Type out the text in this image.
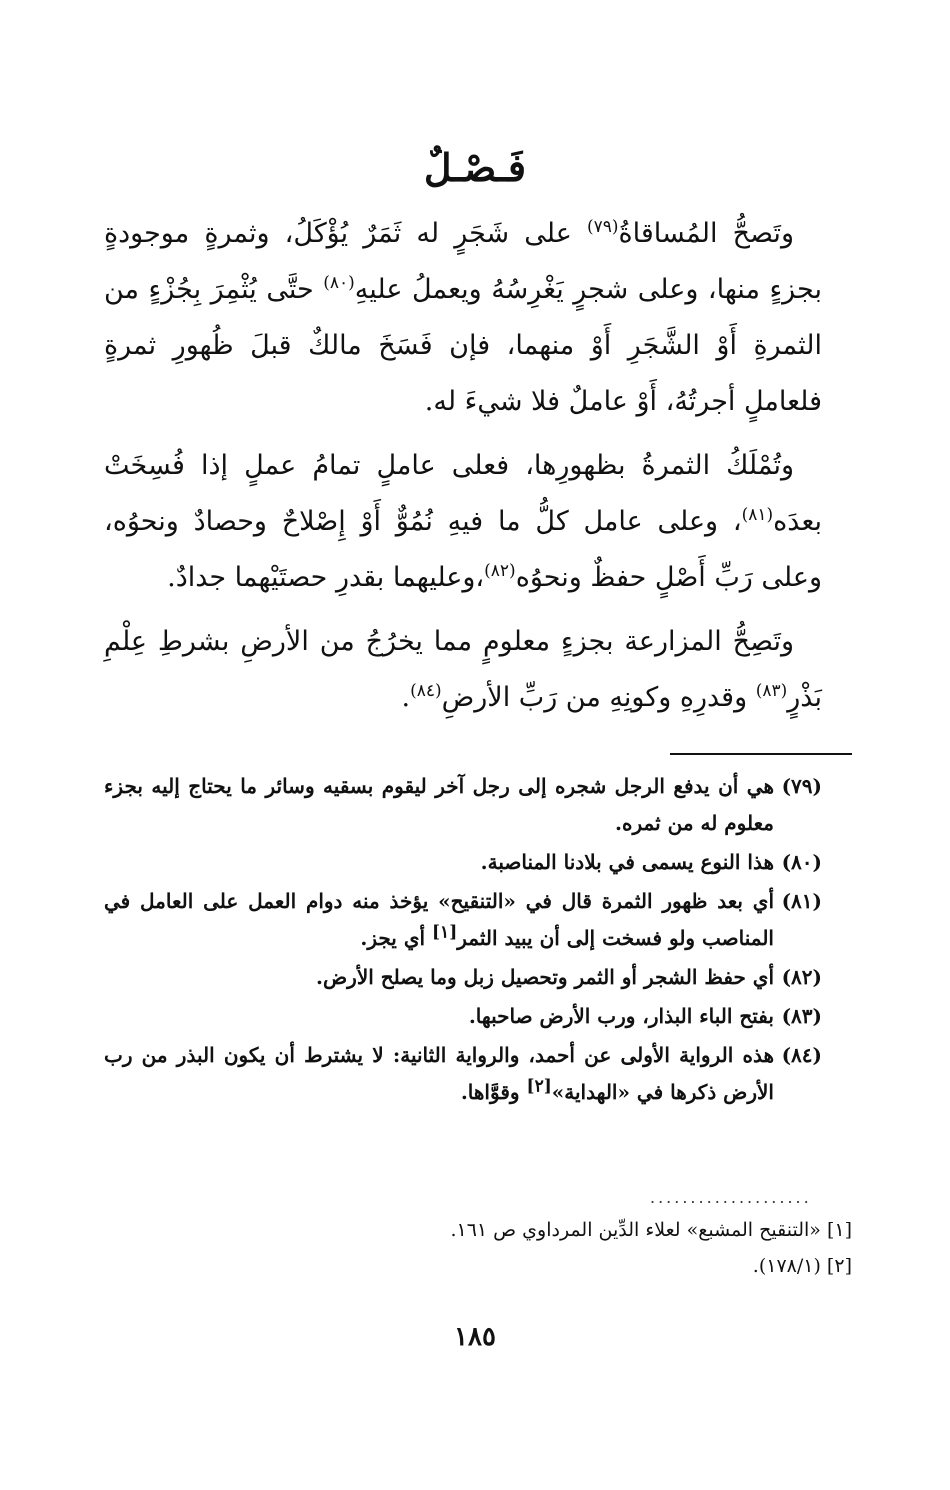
فَـصْـلٌ

وتَصحُّ المُساقاةُ$^{(٧٩)}$ على شَجَرٍ له ثَمَرٌ يُؤْكَلُ، وثمرةٍ موجودةٍ بجزءٍ منها، وعلى شجرٍ يَغْرِسُهُ ويعملُ عليهِ$^{(٨٠)}$ حتَّى يُثْمِرَ بِجُزْءٍ من الثمرةِ أَوْ الشَّجَرِ أَوْ منهما، فإن فَسَخَ مالكٌ قبلَ ظُهورِ ثمرةٍ فلعاملٍ أجرتُهُ، أَوْ عاملٌ فلا شيءَ له.

وتُمْلَكُ الثمرةُ بظهورِها، فعلى عاملٍ تمامُ عملٍ إذا فُسِخَتْ بعدَه$^{(٨١)}$، وعلى عامل كلُّ ما فيهِ نُمُوٌّ أَوْ إِصْلاحٌ وحصادٌ ونحوُه، وعلى رَبِّ أَصْلٍ حفظٌ ونحوُه$^{(٨٢)}$،وعليهما بقدرِ حصتَيْهما جدادٌ.

وتَصِحُّ المزارعة بجزءٍ معلومٍ مما يخرُجُ من الأرضِ بشرطِ عِلْمِ بَذْرٍ$^{(٨٣)}$ وقدرِهِ وكونِهِ من رَبِّ الأرضِ$^{(٨٤)}$.

(٧٩)
هي أن يدفع الرجل شجره إلى رجل آخر ليقوم بسقيه وسائر ما يحتاج إليه بجزء معلوم له من ثمره.
(٨٠)
هذا النوع يسمى في بلادنا المناصبة.
(٨١)
أي بعد ظهور الثمرة قال في «التنقيح» يؤخذ منه دوام العمل على العامل في المناصب ولو فسخت إلى أن يبيد الثمر[١] أي يجز.
(٨٢)
أي حفظ الشجر أو الثمر وتحصيل زبل وما يصلح الأرض.
(٨٣)
بفتح الباء البذار، ورب الأرض صاحبها.
(٨٤)
هذه الرواية الأولى عن أحمد، والرواية الثانية: لا يشترط أن يكون البذر من رب الأرض ذكرها في «الهداية»[٢] وقوَّاها.
....................

[١] «التنقيح المشبع» لعلاء الدِّين المرداوي ص ١٦١.

[٢] (١٧٨/١).

١٨٥
